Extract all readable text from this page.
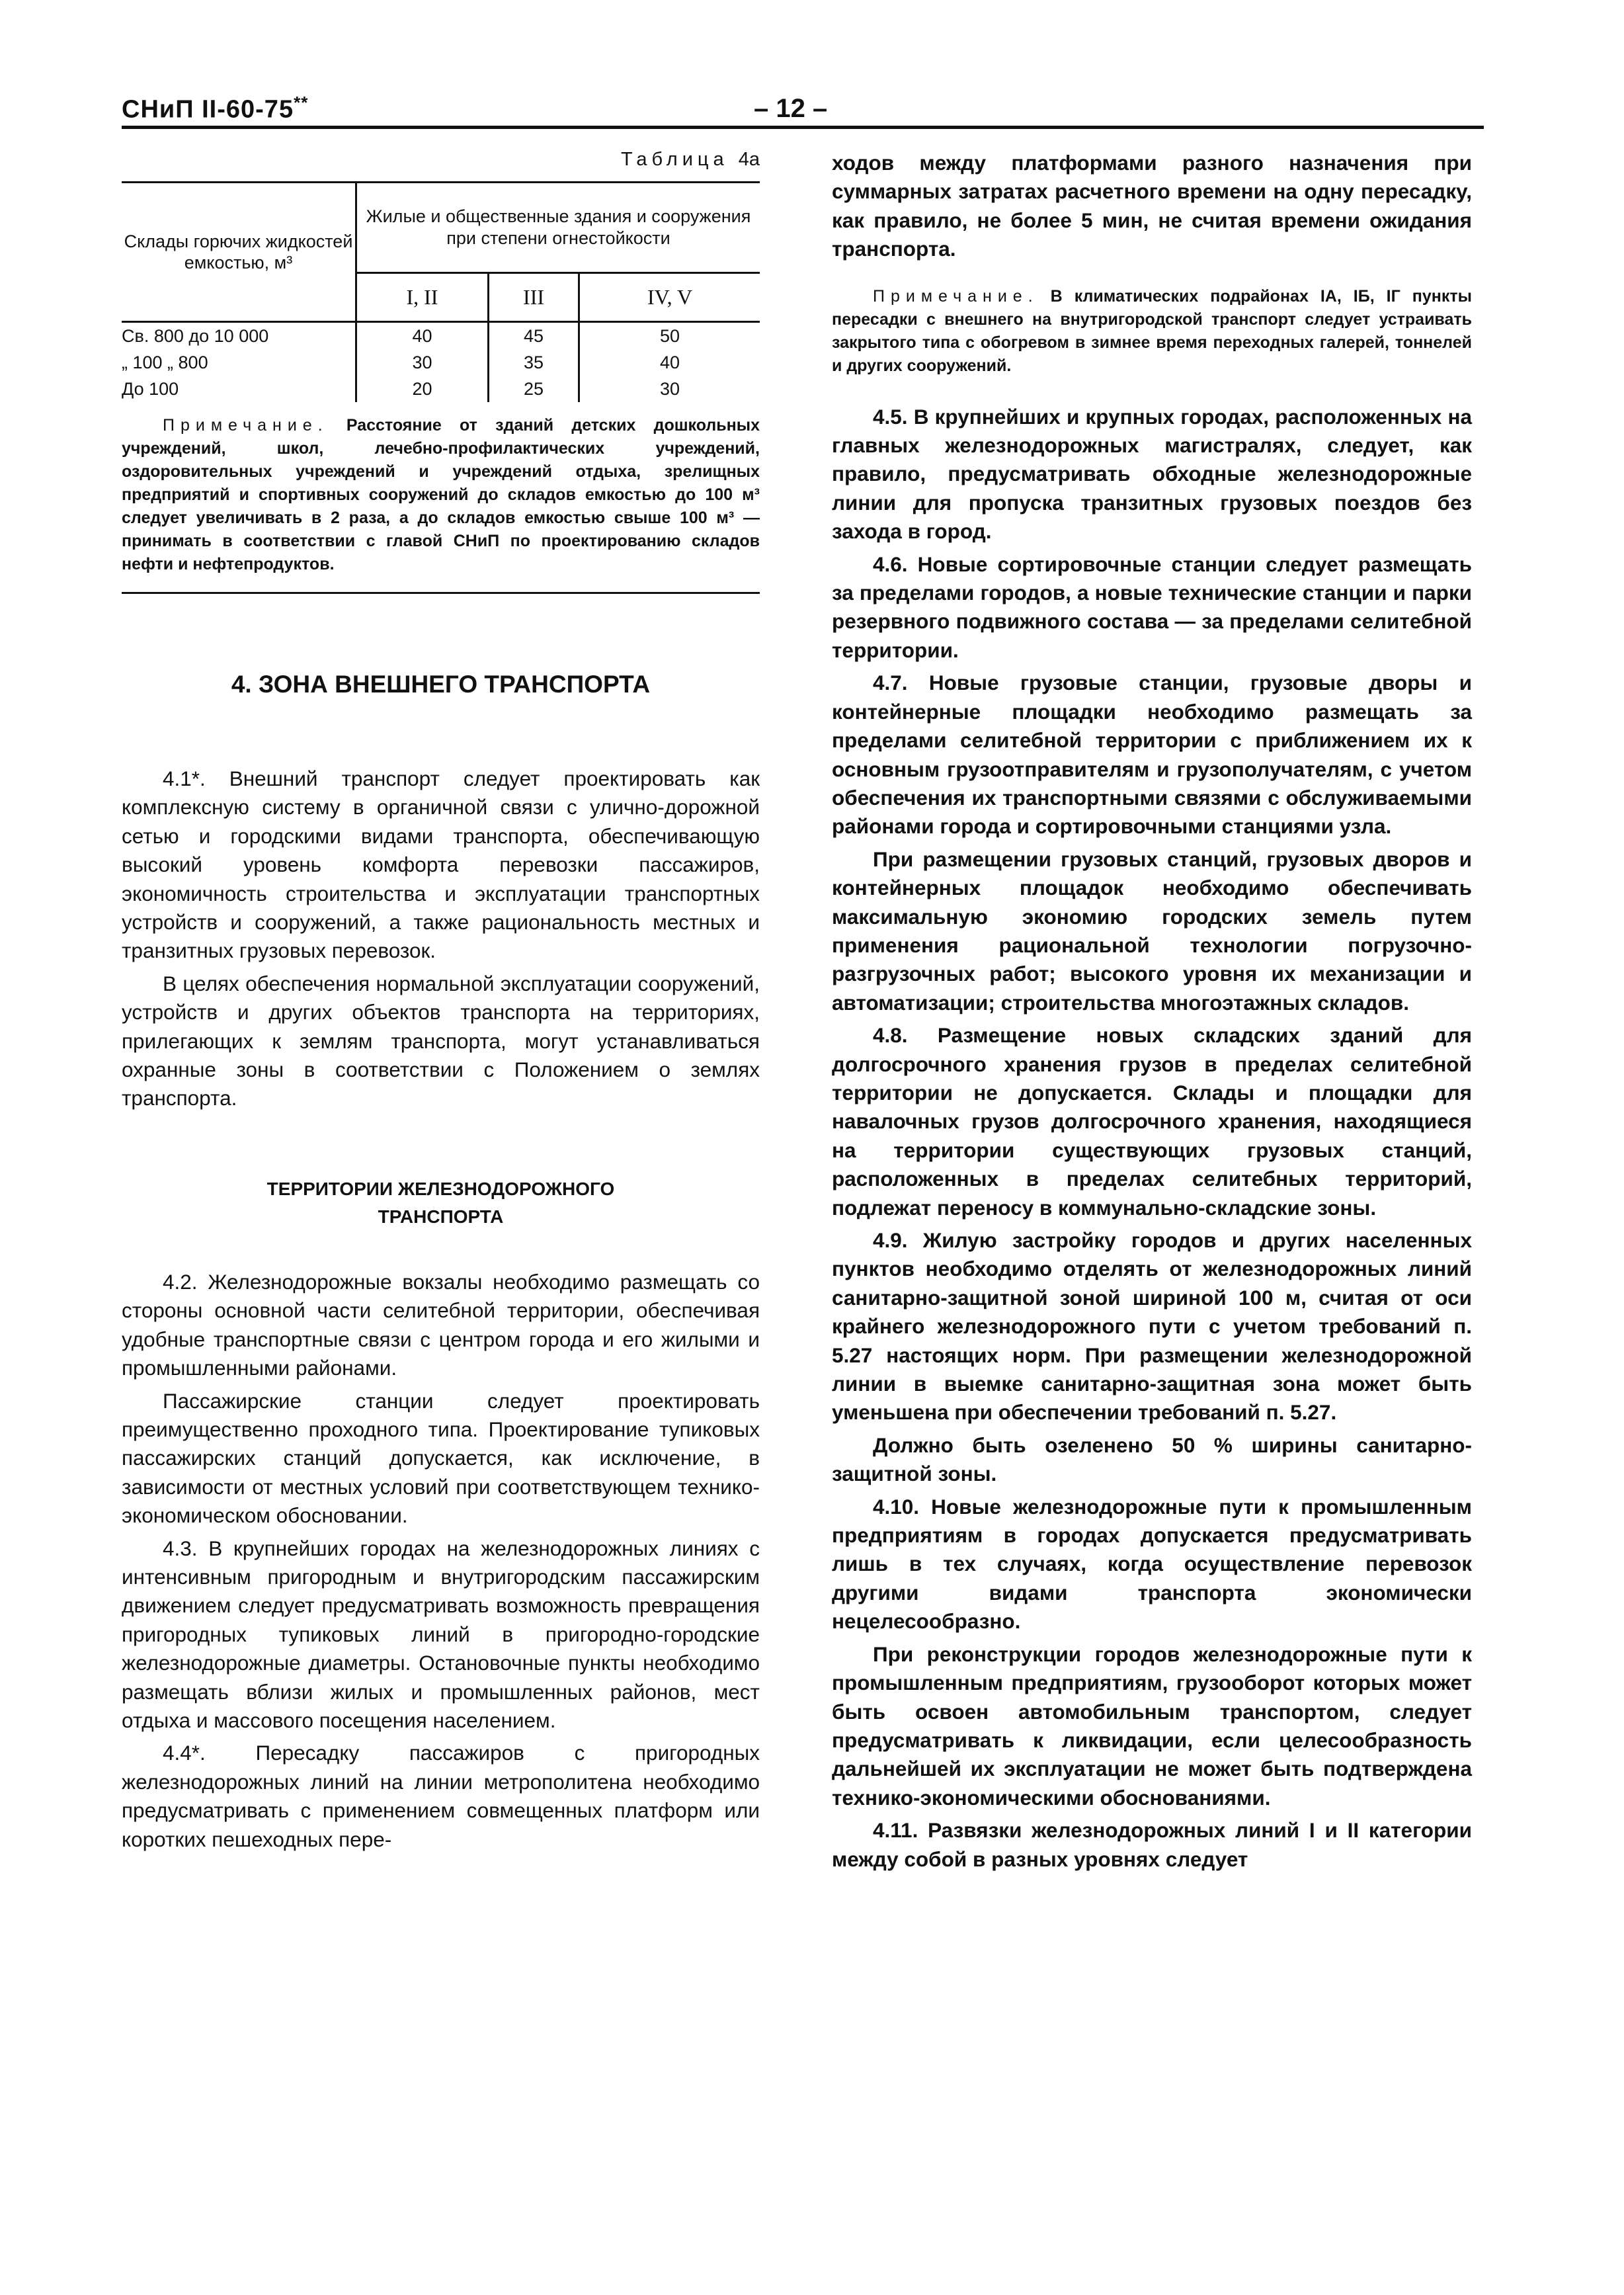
СНиП II-60-75**	– 12 –

Таблица 4а

Склады горючих жидкостей емкостью, м³	Жилые и общественные здания и сооружения при степени огнестойкости		
	I, II	III	IV, V
Св. 800 до 10 000	40	45	50
„ 100 „ 800	30	35	40
До 100	20	25	30

Примечание. Расстояние от зданий детских дошкольных учреждений, школ, лечебно-профилактических учреждений, оздоровительных учреждений и учреждений отдыха, зрелищных предприятий и спортивных сооружений до складов емкостью до 100 м³ следует увеличивать в 2 раза, а до складов емкостью свыше 100 м³ — принимать в соответствии с главой СНиП по проектированию складов нефти и нефтепродуктов.

4. ЗОНА ВНЕШНЕГО ТРАНСПОРТА

4.1*. Внешний транспорт следует проектировать как комплексную систему в органичной связи с улично-дорожной сетью и городскими видами транспорта, обеспечивающую высокий уровень комфорта перевозки пассажиров, экономичность строительства и эксплуатации транспортных устройств и сооружений, а также рациональность местных и транзитных грузовых перевозок.

В целях обеспечения нормальной эксплуатации сооружений, устройств и других объектов транспорта на территориях, прилегающих к землям транспорта, могут устанавливаться охранные зоны в соответствии с Положением о землях транспорта.

ТЕРРИТОРИИ ЖЕЛЕЗНОДОРОЖНОГО

ТРАНСПОРТА

4.2. Железнодорожные вокзалы необходимо размещать со стороны основной части селитебной территории, обеспечивая удобные транспортные связи с центром города и его жилыми и промышленными районами.

Пассажирские станции следует проектировать преимущественно проходного типа. Проектирование тупиковых пассажирских станций допускается, как исключение, в зависимости от местных условий при соответствующем технико-экономическом обосновании.

4.3. В крупнейших городах на железнодорожных линиях с интенсивным пригородным и внутригородским пассажирским движением следует предусматривать возможность превращения пригородных тупиковых линий в пригородно-городские железнодорожные диаметры. Остановочные пункты необходимо размещать вблизи жилых и промышленных районов, мест отдыха и массового посещения населением.

4.4*. Пересадку пассажиров с пригородных железнодорожных линий на линии метрополитена необходимо предусматривать с применением совмещенных платформ или коротких пешеходных пере-

ходов между платформами разного назначения при суммарных затратах расчетного времени на одну пересадку, как правило, не более 5 мин, не считая времени ожидания транспорта.

Примечание. В климатических подрайонах IА, IБ, IГ пункты пересадки с внешнего на внутригородской транспорт следует устраивать закрытого типа с обогревом в зимнее время переходных галерей, тоннелей и других сооружений.

4.5. В крупнейших и крупных городах, расположенных на главных железнодорожных магистралях, следует, как правило, предусматривать обходные железнодорожные линии для пропуска транзитных грузовых поездов без захода в город.

4.6. Новые сортировочные станции следует размещать за пределами городов, а новые технические станции и парки резервного подвижного состава — за пределами селитебной территории.

4.7. Новые грузовые станции, грузовые дворы и контейнерные площадки необходимо размещать за пределами селитебной территории с приближением их к основным грузоотправителям и грузополучателям, с учетом обеспечения их транспортными связями с обслуживаемыми районами города и сортировочными станциями узла.

При размещении грузовых станций, грузовых дворов и контейнерных площадок необходимо обеспечивать максимальную экономию городских земель путем применения рациональной технологии погрузочно-разгрузочных работ; высокого уровня их механизации и автоматизации; строительства многоэтажных складов.

4.8. Размещение новых складских зданий для долгосрочного хранения грузов в пределах селитебной территории не допускается. Склады и площадки для навалочных грузов долгосрочного хранения, находящиеся на территории существующих грузовых станций, расположенных в пределах селитебных территорий, подлежат переносу в коммунально-складские зоны.

4.9. Жилую застройку городов и других населенных пунктов необходимо отделять от железнодорожных линий санитарно-защитной зоной шириной 100 м, считая от оси крайнего железнодорожного пути с учетом требований п. 5.27 настоящих норм. При размещении железнодорожной линии в выемке санитарно-защитная зона может быть уменьшена при обеспечении требований п. 5.27.

Должно быть озеленено 50 % ширины санитарно-защитной зоны.

4.10. Новые железнодорожные пути к промышленным предприятиям в городах допускается предусматривать лишь в тех случаях, когда осуществление перевозок другими видами транспорта экономически нецелесообразно.

При реконструкции городов железнодорожные пути к промышленным предприятиям, грузооборот которых может быть освоен автомобильным транспортом, следует предусматривать к ликвидации, если целесообразность дальнейшей их эксплуатации не может быть подтверждена технико-экономическими обоснованиями.

4.11. Развязки железнодорожных линий I и II категории между собой в разных уровнях следует
